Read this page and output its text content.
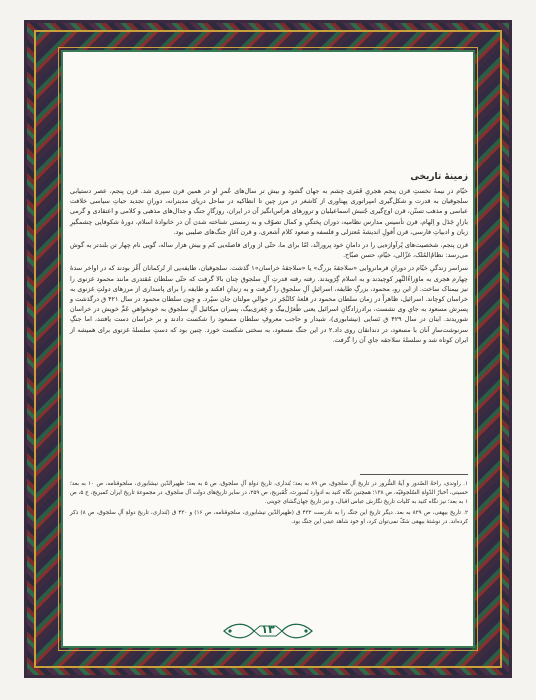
زمینهٔ تاریخی

خیّام در نیمهٔ نخستِ قرن پنجم هجریِ قَمَری چشم به جهان گشود و بیش تر سال‌های عُمرِ او در همین قرن سپری شد. قرن پنجم، عصر دستیابی سلجوقیان به قدرت و شکل‌گیری امپراتوری پهناوری از کاشغر در مرز چین تا انطاکیه در ساحل دریای مدیترانه، دورانِ تجدید حیاتِ سیاسی خلافت عباسی و مذهب تسنّن، قرن اوج‌گیری جُنبش اسماعیلیان و ترورهای هراس‌انگیز آن در ایران، روزگارِ جنگ و جدال‌های مذهبی و کلامی و اعتقادی و گرمی بازارِ جَدَل و اِلهام، قرن تأسیس مدارس نظامیه، دوران پختگیِ و کمال تصوّف و به زمستی شناخته شدن آن در خانوادهٔ اسلام، دورهٔ شکوفایی چشمگیرِ زبان و ادبیاتِ فارسی، قرن اُفولِ اندیشهٔ مُعتزلی و فلسفه و صعود کلام اَشعری، و قرن آغازِ جنگ‌های صلیبی بود.

قرن پنجم، شخصیت‌های پُرآوازه‌یی را در دامانِ خود پرورانْد، امّا برای ما، حتّی از ورای فاصله‌یی کم و بیش هزار ساله، گویی نام چهار تن بلندتر به گوش می‌رسد: نظامُ‌المُلک، غزّالی، خیّام، حسن صبّاح.

سراسر زندگیِ خیّام در دورانِ فرمانروایی «سلاجقهٔ بزرگ» یا «سلاجقهٔ خراسان»۱ گذشت. سلجوقیان، طایفه‌یی از تُرکمانان اُغُز بودند که در اواخر سدهٔ چهارم هجری به ماوَراءُالنَّهر کوچیدند و به اسلام گِرَویدند. رفته رفته قدرتِ آلِ سلجوق چنان بالا گرفت که حتّی سلطان مُقتدری مانند محمود غزنوی را نیز بیمناک ساخت. از این رو، محمود، بزرگِ طایفه، اسرائیلِ آلِ سلجوق را گرفت و به زندانِ افکند و طایفه را برای پاسداری از مرزهای دولتِ غزنوی به خراسان کوچاند. اسرائیل، ظاهراً در زمان سلطان محمود در قلعهٔ کالنْجَر در حوالیِ مولتان جان سپُرد. و چون سلطان محمود در سال ۴۲۱ ق درگذشت و پسرش مسعود به جایِ وی نشست، برادرزادگانِ اسرائیل یعنی طُغرُل‌بیگ و چَغری‌بیگ، پسران میکائیل آلِ سلجوق به خونخواهیِ عَمِّ خویش در خراسان شوریدند. اینان در سال ۴۲۹ ق نَسایی (نیشابوری)، شیدار و حاجب معروفِ سلطان مسعود را شکست دادند و بر خراسان دست یافتند، اما جنگِ سرنوشت‌سازِ آنان با مسعود، در دندانقان روی داد.۲ در این جنگ مسعود، به سختی شکست خورد. چنین بود که دستِ سلسلهٔ غزنوی برای همیشه از ایران کوتاه شد و سلسلهٔ سلاجقه جایِ آن را گرفت.

۱. راوندی، راحةُ الصّدور و آیةُ السُّرور در تاریخ آلِ سلجوق، ص ۸۹ به بعد؛ بُنداری، تاریخ دولةِ آلِ سلجوق، ص ۵ به بعد؛ ظهیرالدّین نیشابوری، سلجوقنامه، ص ۱۰ به بعد؛ حسینی، اَخبارُ الدّولةِ السّلجوقیّه، ص ۱۳۸؛ همچنین نگاه کنید به ادوارد بُسورث، کُمْبریج، ص ۲۵۹، در سایر تاریخ‌های دولت آل سلجوق، در مجموعهٔ تاریخ ایران کمبریج، ج ۵، ص ۱ به بعد؛ نیز نگاه کنید به کلیات تاریخ نگارش عباس اقبال، و نیز تاریخ جهان‌گشای جوینی.

۲. تاریخ بیهقی، ص ۸۲۹ به بعد. دیگر تاریخ این جنگ را به نادرست ۴۳۲ ق (ظهیرالدّین نیشابوری، سلجوقنامه، ص ۱۶) و ۴۳۰ ق (بُنداری، تاریخ دولةِ آلِ سلجوق، ص ۸) ذکر کرده‌اند. در نوشتهٔ بیهقی شکّ نمی‌توان کرد، او خود شاهد عینی این جنگ بود.

۱۳
